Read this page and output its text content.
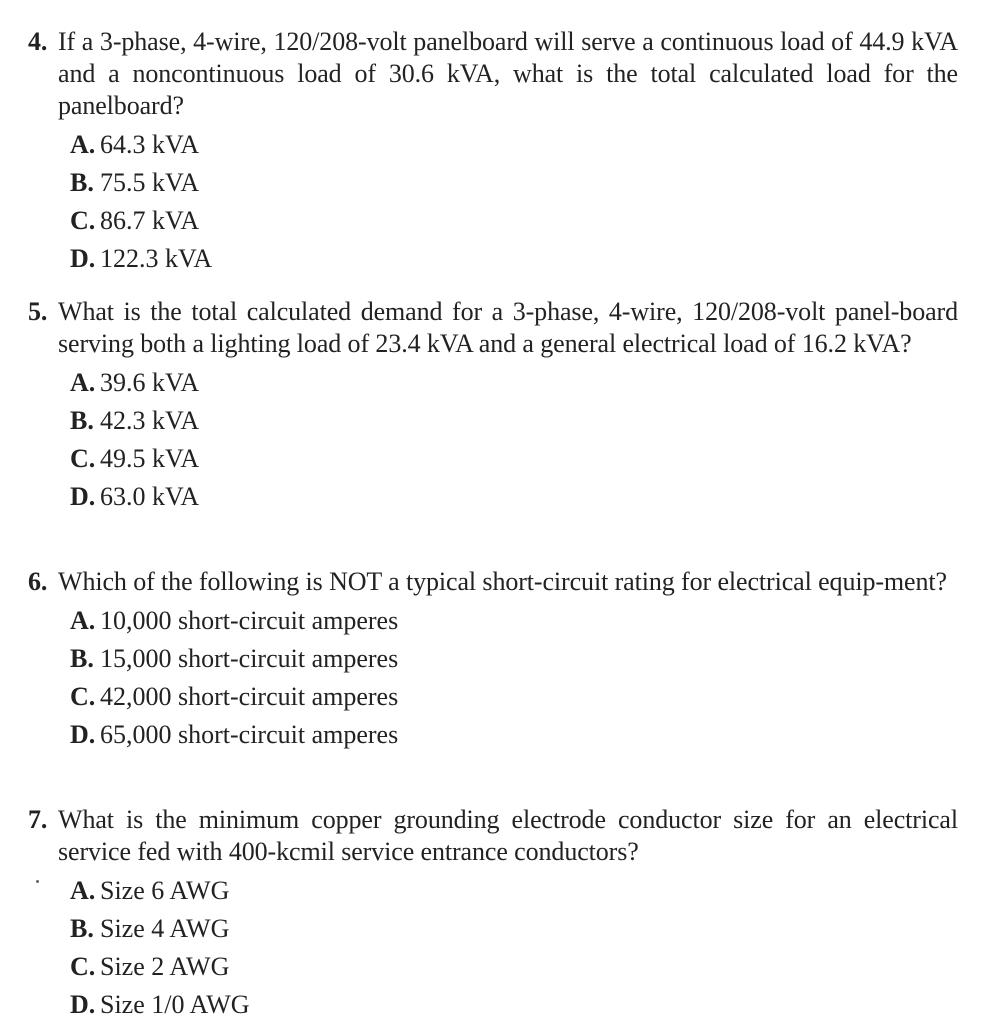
4. If a 3-phase, 4-wire, 120/208-volt panelboard will serve a continuous load of 44.9 kVA and a noncontinuous load of 30.6 kVA, what is the total calculated load for the panelboard?
A. 64.3 kVA
B. 75.5 kVA
C. 86.7 kVA
D. 122.3 kVA
5. What is the total calculated demand for a 3-phase, 4-wire, 120/208-volt panel-board serving both a lighting load of 23.4 kVA and a general electrical load of 16.2 kVA?
A. 39.6 kVA
B. 42.3 kVA
C. 49.5 kVA
D. 63.0 kVA
6. Which of the following is NOT a typical short-circuit rating for electrical equip-ment?
A. 10,000 short-circuit amperes
B. 15,000 short-circuit amperes
C. 42,000 short-circuit amperes
D. 65,000 short-circuit amperes
7. What is the minimum copper grounding electrode conductor size for an electrical service fed with 400-kcmil service entrance conductors?
A. Size 6 AWG
B. Size 4 AWG
C. Size 2 AWG
D. Size 1/0 AWG
